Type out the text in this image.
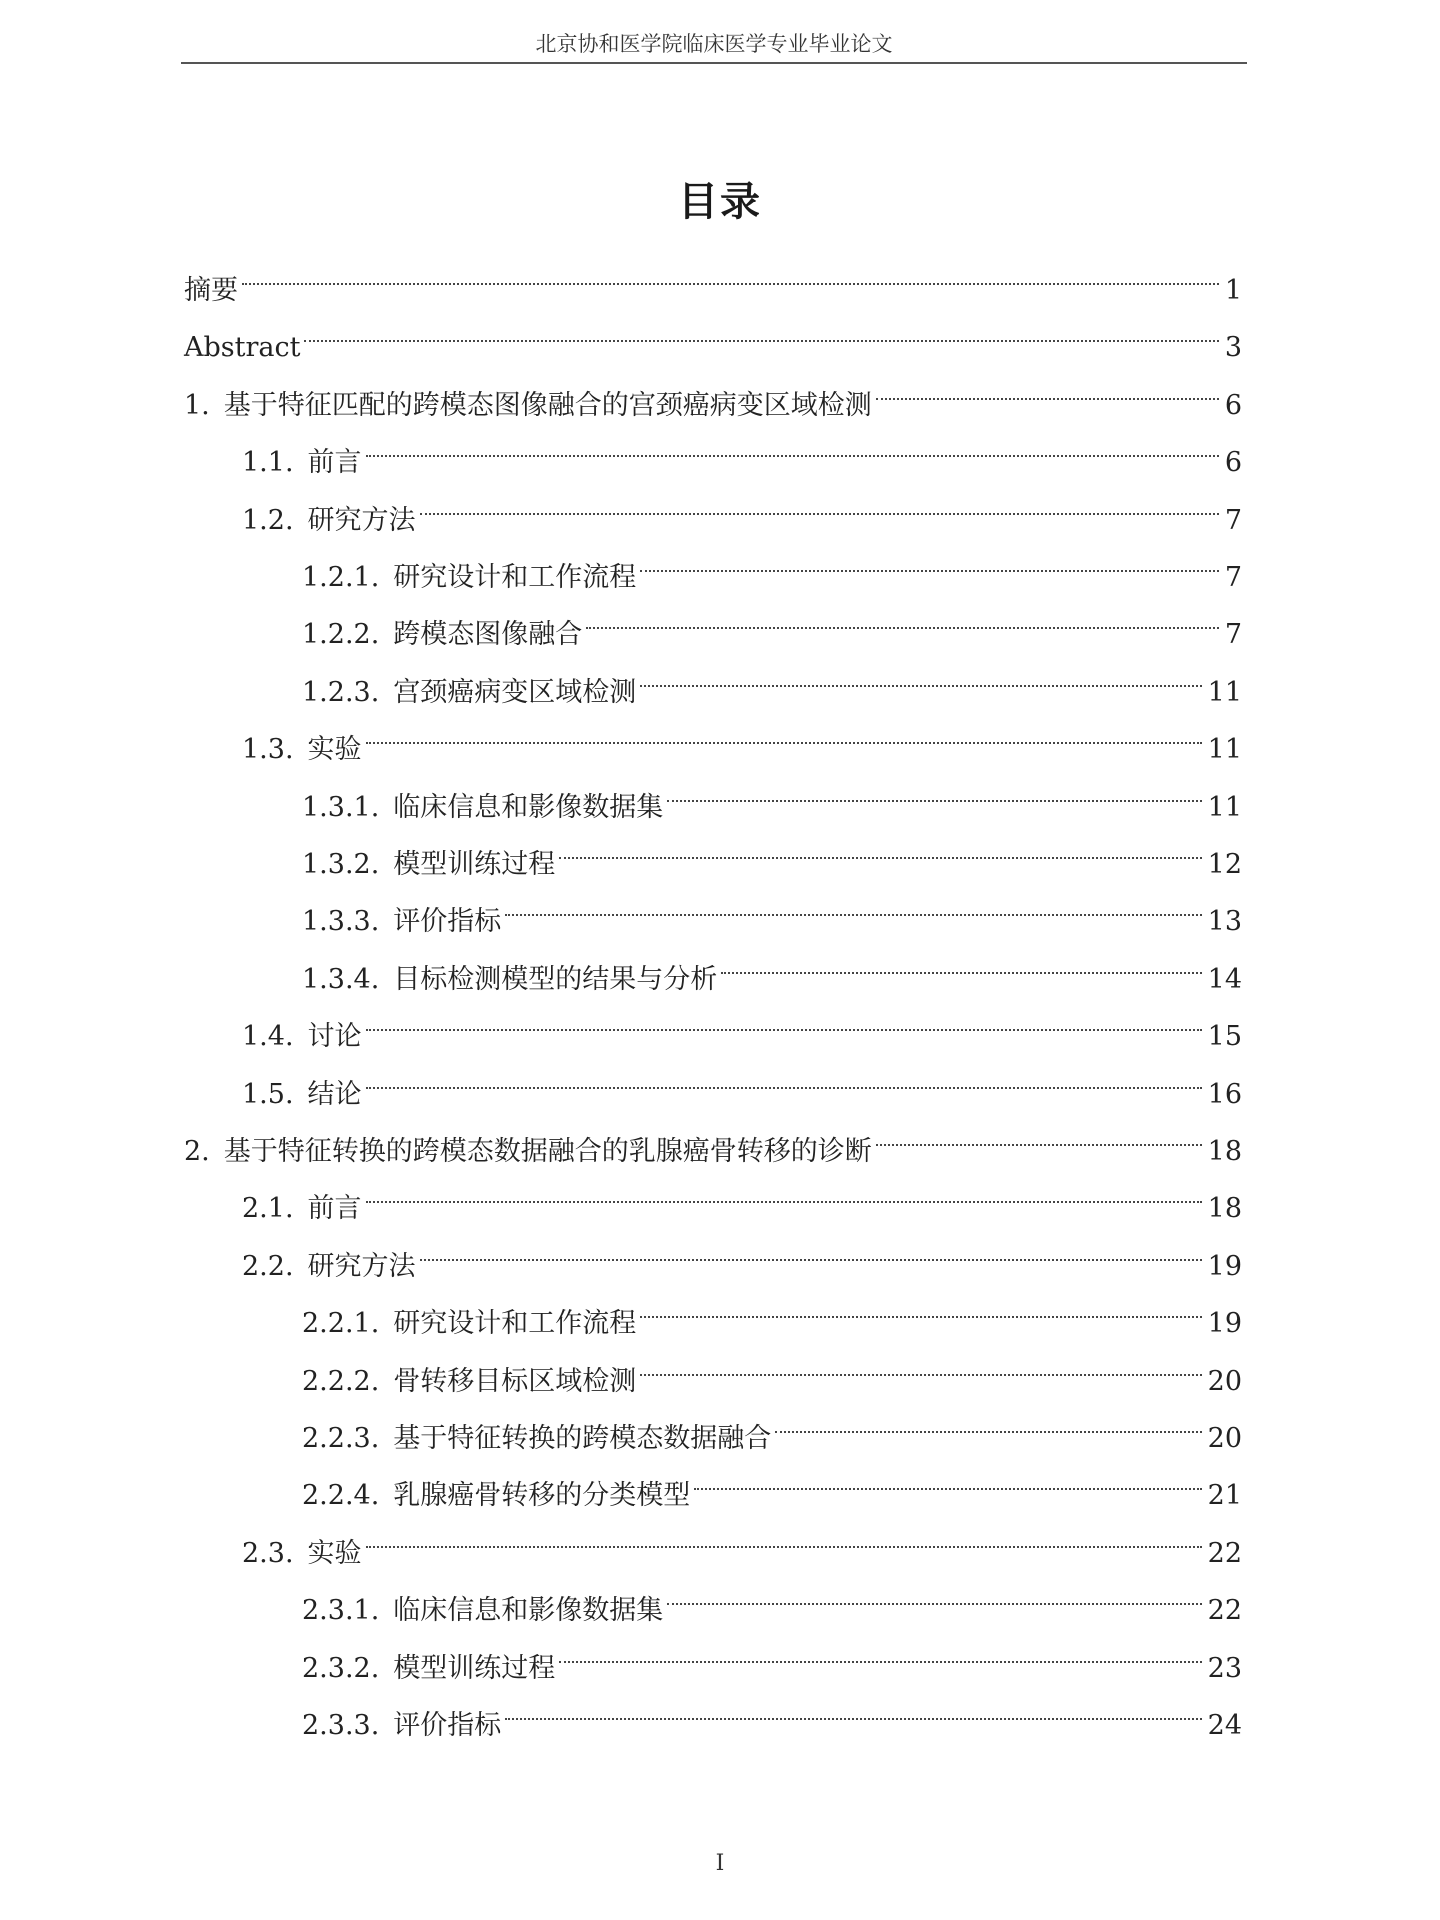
北京协和医学院临床医学专业毕业论文
目录
摘要	1
Abstract	3
1. 基于特征匹配的跨模态图像融合的宫颈癌病变区域检测	6
1.1. 前言	6
1.2. 研究方法	7
1.2.1. 研究设计和工作流程	7
1.2.2. 跨模态图像融合	7
1.2.3. 宫颈癌病变区域检测	11
1.3. 实验	11
1.3.1. 临床信息和影像数据集	11
1.3.2. 模型训练过程	12
1.3.3. 评价指标	13
1.3.4. 目标检测模型的结果与分析	14
1.4. 讨论	15
1.5. 结论	16
2. 基于特征转换的跨模态数据融合的乳腺癌骨转移的诊断	18
2.1. 前言	18
2.2. 研究方法	19
2.2.1. 研究设计和工作流程	19
2.2.2. 骨转移目标区域检测	20
2.2.3. 基于特征转换的跨模态数据融合	20
2.2.4. 乳腺癌骨转移的分类模型	21
2.3. 实验	22
2.3.1. 临床信息和影像数据集	22
2.3.2. 模型训练过程	23
2.3.3. 评价指标	24
I
